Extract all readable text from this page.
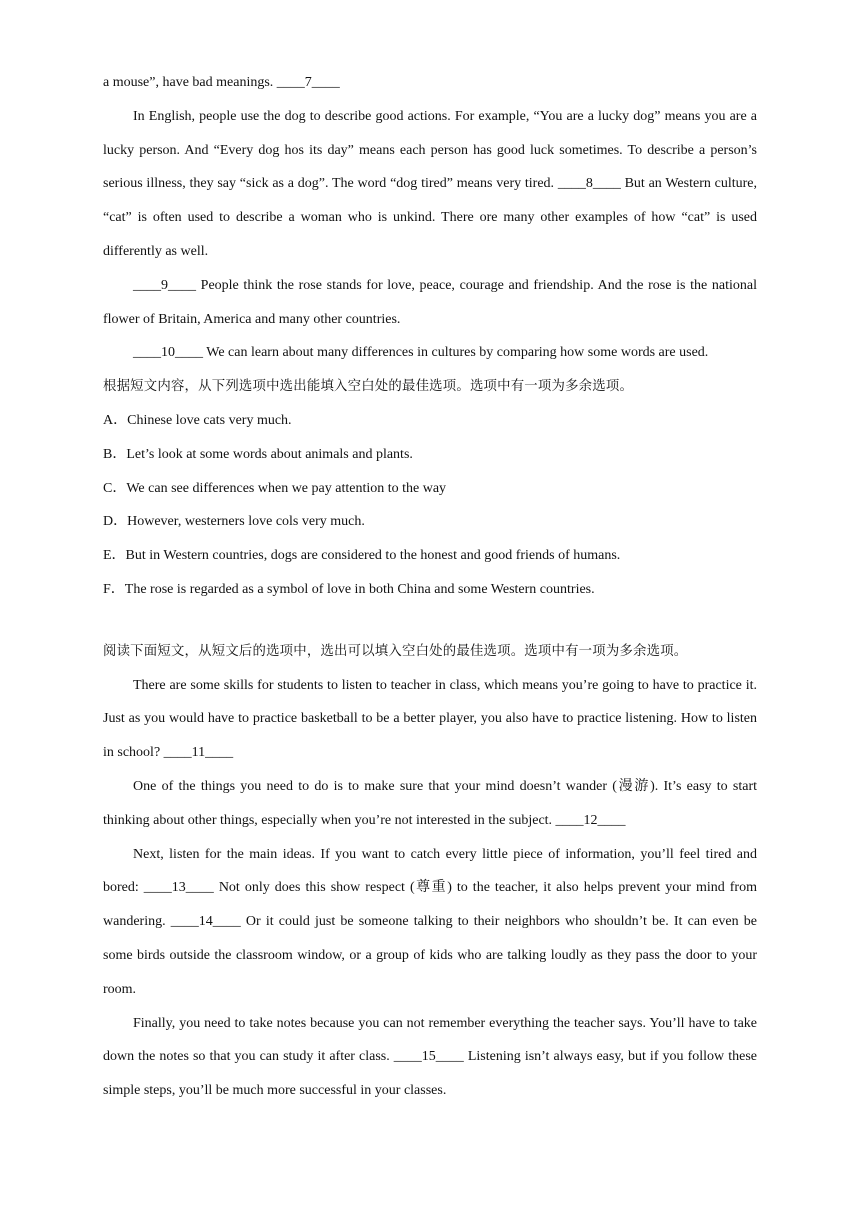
a mouse”, have bad meanings. ____7____

In English, people use the dog to describe good actions. For example, “You are a lucky dog” means you are a lucky person. And “Every dog hos its day” means each person has good luck sometimes. To describe a person’s serious illness, they say “sick as a dog”. The word “dog tired” means very tired. ____8____ But an Western culture, “cat” is often used to describe a woman who is unkind. There ore many other examples of how “cat” is used differently as well.

____9____ People think the rose stands for love, peace, courage and friendship. And the rose is the national flower of Britain, America and many other countries.

____10____ We can learn about many differences in cultures by comparing how some words are used.

根据短文内容，从下列选项中选出能填入空白处的最佳选项。选项中有一项为多余选项。

A．Chinese love cats very much.

B．Let’s look at some words about animals and plants.

C．We can see differences when we pay attention to the way

D．However, westerners love cols very much.

E．But in Western countries, dogs are considered to the honest and good friends of humans.

F．The rose is regarded as a symbol of love in both China and some Western countries.

阅读下面短文，从短文后的选项中，选出可以填入空白处的最佳选项。选项中有一项为多余选项。

There are some skills for students to listen to teacher in class, which means you’re going to have to practice it. Just as you would have to practice basketball to be a better player, you also have to practice listening. How to listen in school? ____11____

One of the things you need to do is to make sure that your mind doesn’t wander (漫游). It’s easy to start thinking about other things, especially when you’re not interested in the subject. ____12____

Next, listen for the main ideas. If you want to catch every little piece of information, you’ll feel tired and bored: ____13____ Not only does this show respect (尊重) to the teacher, it also helps prevent your mind from wandering. ____14____ Or it could just be someone talking to their neighbors who shouldn’t be. It can even be some birds outside the classroom window, or a group of kids who are talking loudly as they pass the door to your room.

Finally, you need to take notes because you can not remember everything the teacher says. You’ll have to take down the notes so that you can study it after class. ____15____ Listening isn’t always easy, but if you follow these simple steps, you’ll be much more successful in your classes.
